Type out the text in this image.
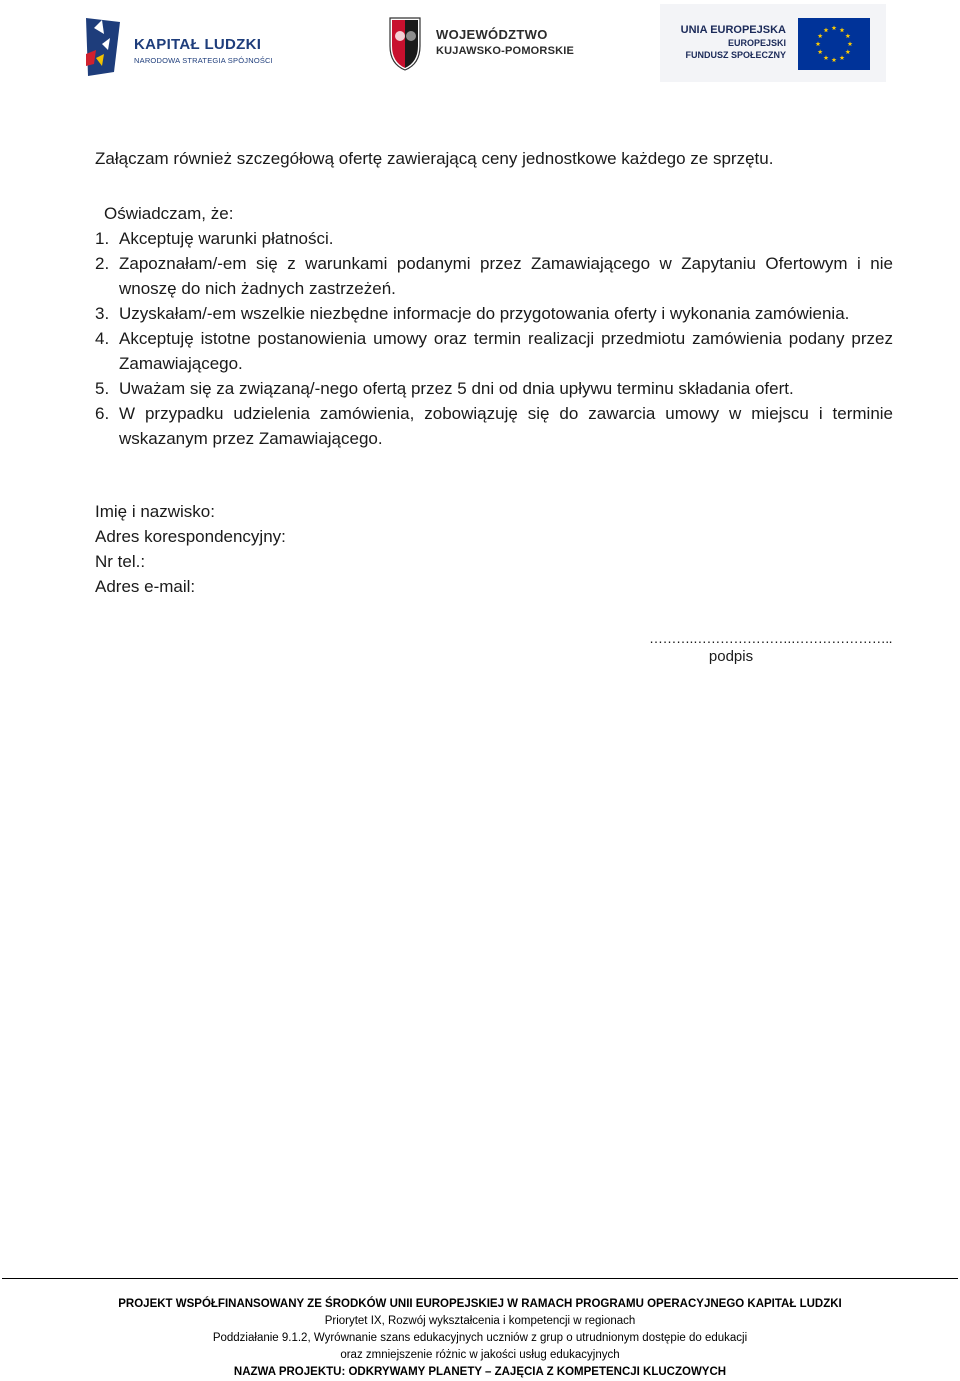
KAPITAŁ LUDZKI
NARODOWA STRATEGIA SPÓJNOŚCI
WOJEWÓDZTWO
KUJAWSKO-POMORSKIE
UNIA EUROPEJSKA
EUROPEJSKI
FUNDUSZ SPOŁECZNY
Załączam również szczegółową ofertę zawierającą ceny jednostkowe każdego ze sprzętu.
Oświadczam, że:
1. Akceptuję warunki płatności.
2. Zapoznałam/-em się z warunkami podanymi przez Zamawiającego w Zapytaniu Ofertowym i nie wnoszę do nich żadnych zastrzeżeń.
3. Uzyskałam/-em wszelkie niezbędne informacje do przygotowania oferty i wykonania zamówienia.
4. Akceptuję istotne postanowienia umowy oraz termin realizacji przedmiotu zamówienia podany przez Zamawiającego.
5. Uważam się za związaną/-nego ofertą przez 5 dni od dnia upływu terminu składania ofert.
6. W przypadku udzielenia zamówienia, zobowiązuję się do zawarcia umowy w miejscu i terminie wskazanym przez Zamawiającego.
Imię i nazwisko:
Adres korespondencyjny:
Nr tel.:
Adres e-mail:
……….………………….…………………..
podpis
PROJEKT WSPÓŁFINANSOWANY ZE ŚRODKÓW UNII EUROPEJSKIEJ W RAMACH PROGRAMU OPERACYJNEGO KAPITAŁ LUDZKI
Priorytet IX, Rozwój wykształcenia i kompetencji w regionach
Poddziałanie 9.1.2, Wyrównanie szans edukacyjnych uczniów z grup o utrudnionym dostępie do edukacji
oraz zmniejszenie różnic w jakości usług edukacyjnych
NAZWA PROJEKTU: ODKRYWAMY PLANETY – ZAJĘCIA Z KOMPETENCJI KLUCZOWYCH
